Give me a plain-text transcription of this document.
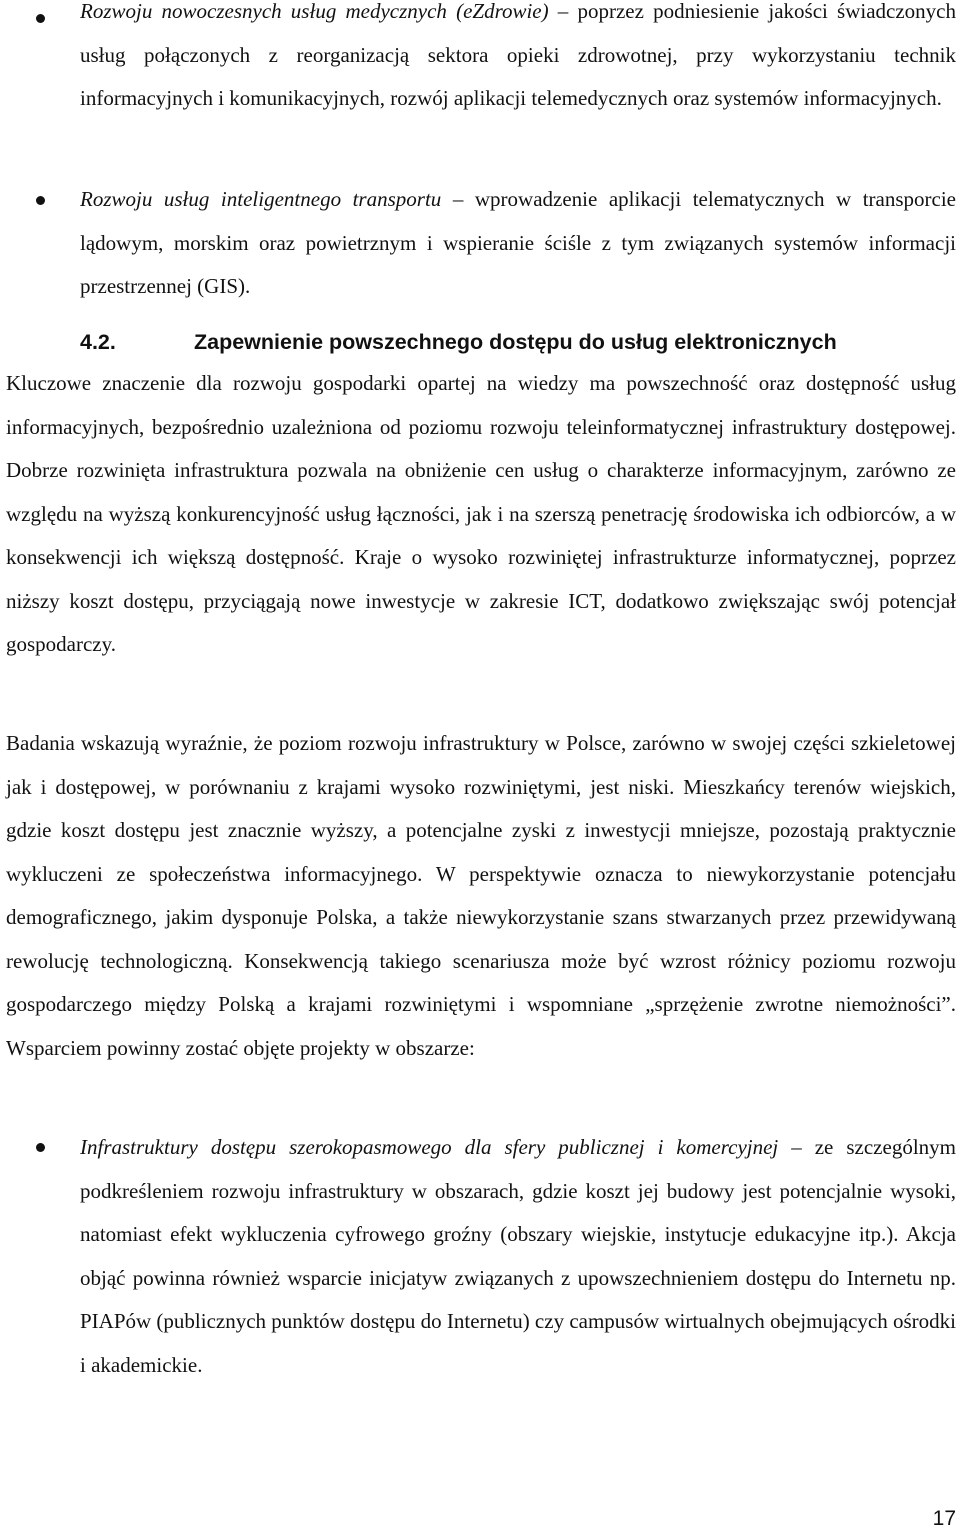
Rozwoju nowoczesnych usług medycznych (eZdrowie) – poprzez podniesienie jakości świadczonych usług połączonych z reorganizacją sektora opieki zdrowotnej, przy wykorzystaniu technik informacyjnych i komunikacyjnych, rozwój aplikacji telemedycznych oraz systemów informacyjnych.
Rozwoju usług inteligentnego transportu – wprowadzenie aplikacji telematycznych w transporcie lądowym, morskim oraz powietrznym i wspieranie ściśle z tym związanych systemów informacji przestrzennej (GIS).
4.2.	Zapewnienie powszechnego dostępu do usług elektronicznych
Kluczowe znaczenie dla rozwoju gospodarki opartej na wiedzy ma powszechność oraz dostępność usług informacyjnych, bezpośrednio uzależniona od poziomu rozwoju teleinformatycznej infrastruktury dostępowej. Dobrze rozwinięta infrastruktura pozwala na obniżenie cen usług o charakterze informacyjnym, zarówno ze względu na wyższą konkurencyjność usług łączności, jak i na szerszą penetrację środowiska ich odbiorców, a w konsekwencji ich większą dostępność. Kraje o wysoko rozwiniętej infrastrukturze informatycznej, poprzez niższy koszt dostępu, przyciągają nowe inwestycje w zakresie ICT, dodatkowo zwiększając swój potencjał gospodarczy.
Badania wskazują wyraźnie, że poziom rozwoju infrastruktury w Polsce, zarówno w swojej części szkieletowej jak i dostępowej, w porównaniu z krajami wysoko rozwiniętymi, jest niski. Mieszkańcy terenów wiejskich, gdzie koszt dostępu jest znacznie wyższy, a potencjalne zyski z inwestycji mniejsze, pozostają praktycznie wykluczeni ze społeczeństwa informacyjnego. W perspektywie oznacza to niewykorzystanie potencjału demograficznego, jakim dysponuje Polska, a także niewykorzystanie szans stwarzanych przez przewidywaną rewolucję technologiczną. Konsekwencją takiego scenariusza może być wzrost różnicy poziomu rozwoju gospodarczego między Polską a krajami rozwiniętymi i wspomniane „sprzężenie zwrotne niemożności”. Wsparciem powinny zostać objęte projekty w obszarze:
Infrastruktury dostępu szerokopasmowego dla sfery publicznej i komercyjnej – ze szczególnym podkreśleniem rozwoju infrastruktury w obszarach, gdzie koszt jej budowy jest potencjalnie wysoki, natomiast efekt wykluczenia cyfrowego groźny (obszary wiejskie, instytucje edukacyjne itp.). Akcja objąć powinna również wsparcie inicjatyw związanych z upowszechnieniem dostępu do Internetu np. PIAPów (publicznych punktów dostępu do Internetu) czy campusów wirtualnych obejmujących ośrodki i akademickie.
17
